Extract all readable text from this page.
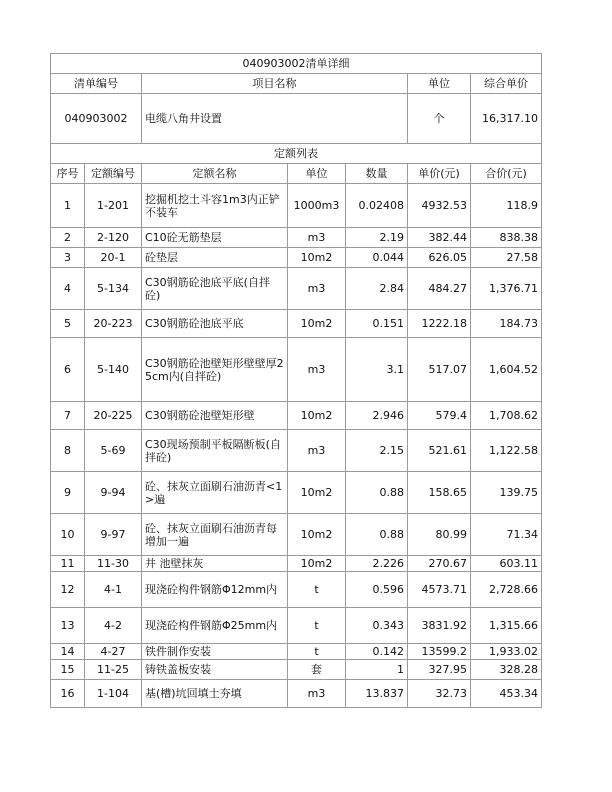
040903002清单详细			
清单编号	项目名称	单位	综合单价
040903002	电缆八角井设置	个	16,317.10
定额列表						
序号	定额编号	定额名称	单位	数量	单价(元)	合价(元)
1	1-201	挖掘机挖土斗容1m3内正铲不装车	1000m3	0.02408	4932.53	118.9
2	2-120	C10砼无筋垫层	m3	2.19	382.44	838.38
3	20-1	砼垫层	10m2	0.044	626.05	27.58
4	5-134	C30钢筋砼池底平底(自拌砼)	m3	2.84	484.27	1,376.71
5	20-223	C30钢筋砼池底平底	10m2	0.151	1222.18	184.73
6	5-140	C30钢筋砼池壁矩形壁壁厚25cm内(自拌砼)	m3	3.1	517.07	1,604.52
7	20-225	C30钢筋砼池壁矩形壁	10m2	2.946	579.4	1,708.62
8	5-69	C30现场预制平板隔断板(自拌砼)	m3	2.15	521.61	1,122.58
9	9-94	砼、抹灰立面刷石油沥青<1>遍	10m2	0.88	158.65	139.75
10	9-97	砼、抹灰立面刷石油沥青每增加一遍	10m2	0.88	80.99	71.34
11	11-30	井 池壁抹灰	10m2	2.226	270.67	603.11
12	4-1	现浇砼构件钢筋Φ12mm内	t	0.596	4573.71	2,728.66
13	4-2	现浇砼构件钢筋Φ25mm内	t	0.343	3831.92	1,315.66
14	4-27	铁件制作安装	t	0.142	13599.2	1,933.02
15	11-25	铸铁盖板安装	套	1	327.95	328.28
16	1-104	基(槽)坑回填土夯填	m3	13.837	32.73	453.34
